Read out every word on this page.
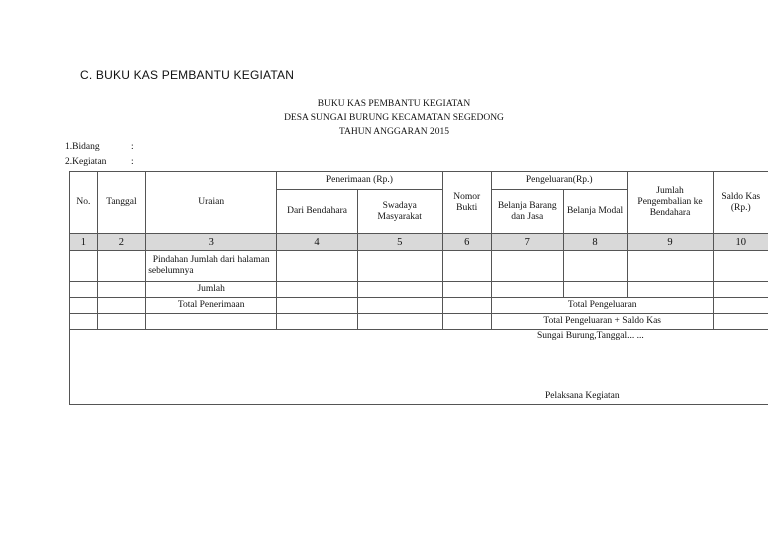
C. BUKU KAS PEMBANTU KEGIATAN
BUKU KAS PEMBANTU KEGIATAN
DESA SUNGAI BURUNG KECAMATAN SEGEDONG
TAHUN ANGGARAN 2015
1.Bidang	:
2.Kegiatan	:
No.	Tanggal	Uraian	Penerimaan (Rp.)		Nomor Bukti	Pengeluaran(Rp.)		Jumlah Pengembalian ke Bendahara	Saldo Kas (Rp.)
			Dari Bendahara	Swadaya Masyarakat		Belanja Barang dan Jasa	Belanja Modal		
1	2	3	4	5	6	7	8	9	10
		Pindahan Jumlah dari halaman sebelumnya							
		Jumlah							
		Total Penerimaan				Total Pengeluaran			
						Total Pengeluaran + Saldo Kas			

Sungai Burung,Tanggal... ...
Pelaksana Kegiatan									
